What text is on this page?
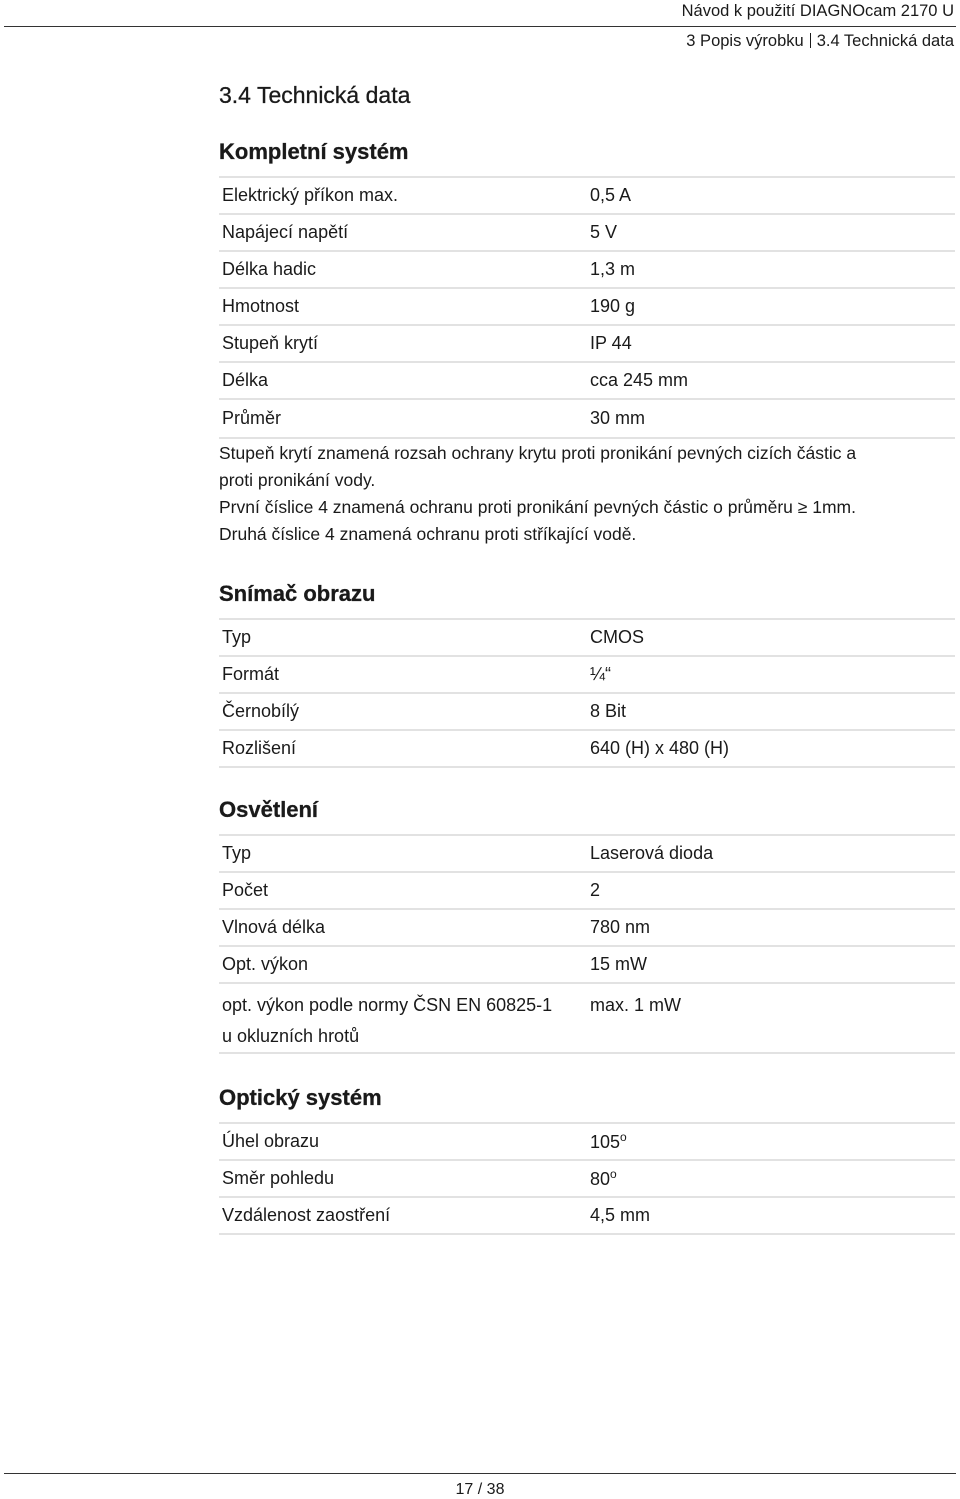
Návod k použití DIAGNOcam 2170 U
3 Popis výrobku 3.4 Technická data
3.4 Technická data
Kompletní systém
Elektrický příkon max.	0,5 A
Napájecí napětí	5 V
Délka hadic	1,3 m
Hmotnost	190 g
Stupeň krytí	IP 44
Délka	cca 245 mm
Průměr	30 mm
Stupeň krytí znamená rozsah ochrany krytu proti pronikání pevných cizích částic a
proti pronikání vody.
První číslice 4 znamená ochranu proti pronikání pevných částic o průměru ≥ 1mm.
Druhá číslice 4 znamená ochranu proti stříkající vodě.
Snímač obrazu
Typ	CMOS
Formát	¼“
Černobílý	8 Bit
Rozlišení	640 (H) x 480 (H)
Osvětlení
Typ	Laserová dioda
Počet	2
Vlnová délka	780 nm
Opt. výkon	15 mW

opt. výkon podle normy ČSN EN 60825-1
u okluzních hrotů	max. 1 mW
Optický systém
Úhel obrazu	105$^o$
Směr pohledu	80$^o$
Vzdálenost zaostření	4,5 mm
17 / 38
